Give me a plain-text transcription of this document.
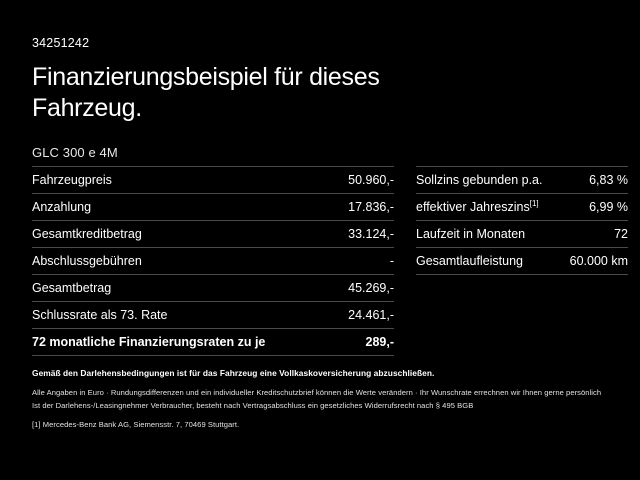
34251242
Finanzierungsbeispiel für dieses Fahrzeug.
GLC 300 e 4M
Fahrzeugpreis	50.960,-
Anzahlung	17.836,-
Gesamtkreditbetrag	33.124,-
Abschlussgebühren	-
Gesamtbetrag	45.269,-
Schlussrate als 73. Rate	24.461,-
72 monatliche Finanzierungsraten zu je	289,-
Sollzins gebunden p.a.	6,83 %
effektiver Jahreszins[1]	6,99 %
Laufzeit in Monaten	72
Gesamtlaufleistung	60.000 km

Gemäß den Darlehensbedingungen ist für das Fahrzeug eine Vollkaskoversicherung abzuschließen.

Alle Angaben in Euro · Rundungsdifferenzen und ein individueller Kreditschutzbrief können die Werte verändern · Ihr Wunschrate errechnen wir Ihnen gerne persönlich

Ist der Darlehens-/Leasingnehmer Verbraucher, besteht nach Vertragsabschluss ein gesetzliches Widerrufsrecht nach § 495 BGB

[1] Mercedes-Benz Bank AG, Siemensstr. 7, 70469 Stuttgart.
